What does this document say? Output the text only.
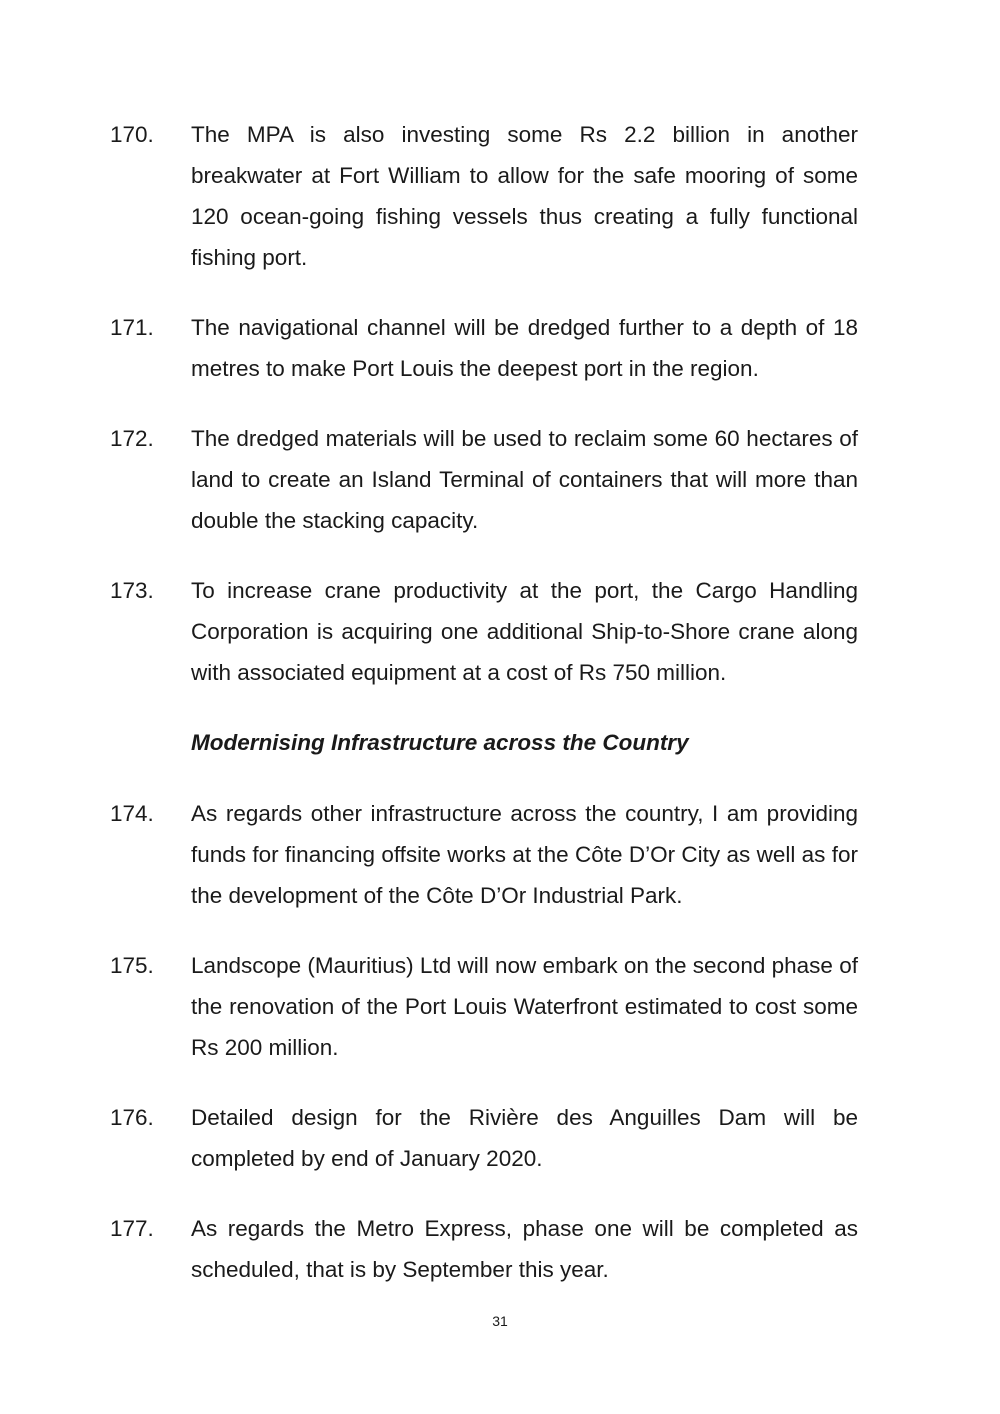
170.	The MPA is also investing some Rs 2.2 billion in another breakwater at Fort William to allow for the safe mooring of some 120 ocean-going fishing vessels thus creating a fully functional fishing port.
171.	The navigational channel will be dredged further to a depth of 18 metres to make Port Louis the deepest port in the region.
172.	The dredged materials will be used to reclaim some 60 hectares of land to create an Island Terminal of containers that will more than double the stacking capacity.
173.	To increase crane productivity at the port, the Cargo Handling Corporation is acquiring one additional Ship-to-Shore crane along with associated equipment at a cost of Rs 750 million.
Modernising Infrastructure across the Country
174.	As regards other infrastructure across the country, I am providing funds for financing offsite works at the Côte D’Or City as well as for the development of the Côte D’Or Industrial Park.
175.	Landscope (Mauritius) Ltd will now embark on the second phase of the renovation of the Port Louis Waterfront estimated to cost some Rs 200 million.
176.	Detailed design for the Rivière des Anguilles Dam will be completed by end of January 2020.
177.	As regards the Metro Express, phase one will be completed as scheduled, that is by September this year.
31
